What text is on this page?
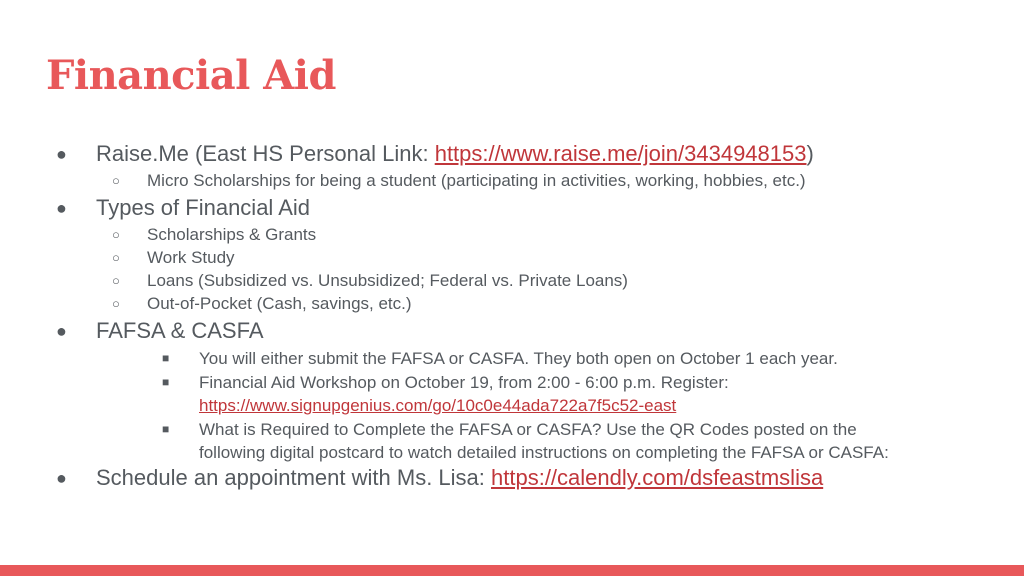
Financial Aid
●	Raise.Me (East HS Personal Link: https://www.raise.me/join/3434948153)
○	Micro Scholarships for being a student (participating in activities, working, hobbies, etc.)
●	Types of Financial Aid
○	Scholarships & Grants
○	Work Study
○	Loans (Subsidized vs. Unsubsidized; Federal vs. Private Loans)
○	Out-of-Pocket (Cash, savings, etc.)
●	FAFSA & CASFA
■	You will either submit the FAFSA or CASFA. They both open on October 1 each year.
■	Financial Aid Workshop on October 19, from 2:00 - 6:00 p.m. Register:
https://www.signupgenius.com/go/10c0e44ada722a7f5c52-east
■	What is Required to Complete the FAFSA or CASFA? Use the QR Codes posted on the
following digital postcard to watch detailed instructions on completing the FAFSA or CASFA:
●	Schedule an appointment with Ms. Lisa: https://calendly.com/dsfeastmslisa
